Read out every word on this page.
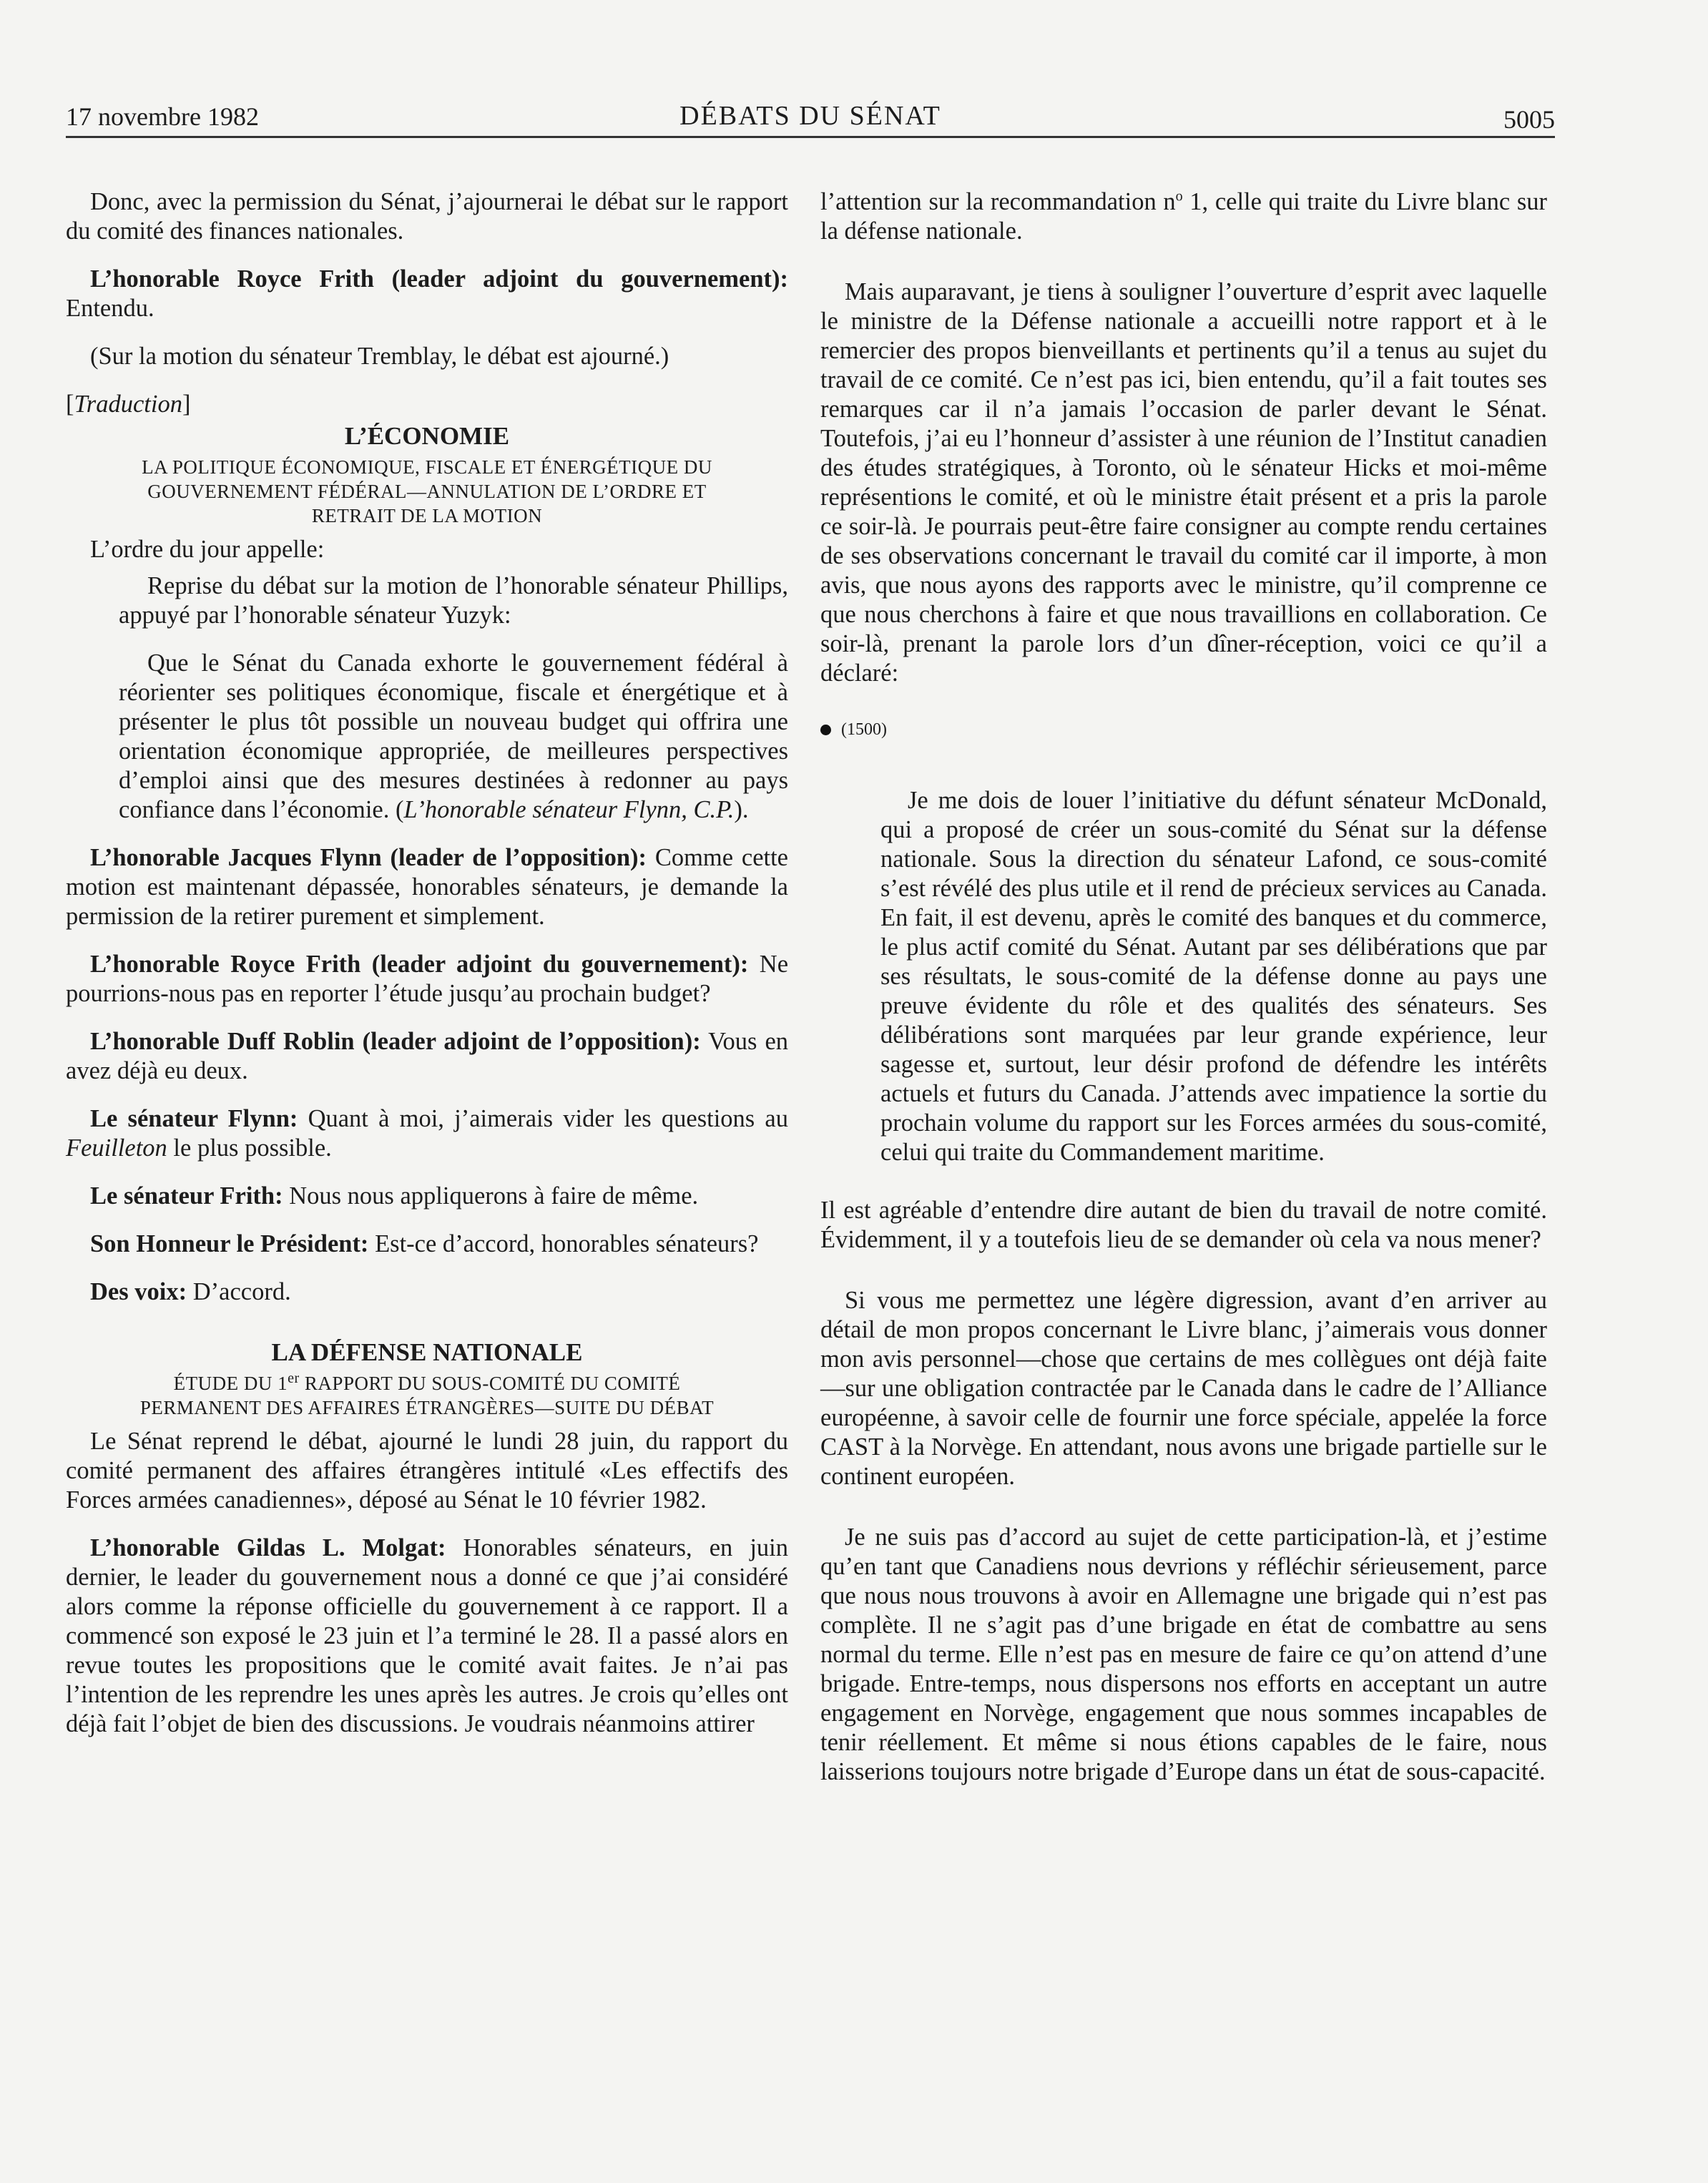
17 novembre 1982	DÉBATS DU SÉNAT	5005

Donc, avec la permission du Sénat, j’ajournerai le débat sur le rapport du comité des finances nationales.

L’honorable Royce Frith (leader adjoint du gouvernement): Entendu.

(Sur la motion du sénateur Tremblay, le débat est ajourné.)

[Traduction]

L’ÉCONOMIE
LA POLITIQUE ÉCONOMIQUE, FISCALE ET ÉNERGÉTIQUE DU
GOUVERNEMENT FÉDÉRAL—ANNULATION DE L’ORDRE ET
RETRAIT DE LA MOTION

L’ordre du jour appelle:

Reprise du débat sur la motion de l’honorable sénateur Phillips, appuyé par l’honorable sénateur Yuzyk:

Que le Sénat du Canada exhorte le gouvernement fédéral à réorienter ses politiques économique, fiscale et énergétique et à présenter le plus tôt possible un nouveau budget qui offrira une orientation économique appropriée, de meilleures perspectives d’emploi ainsi que des mesures destinées à redonner au pays confiance dans l’économie. (L’honorable sénateur Flynn, C.P.).

L’honorable Jacques Flynn (leader de l’opposition): Comme cette motion est maintenant dépassée, honorables sénateurs, je demande la permission de la retirer purement et simplement.

L’honorable Royce Frith (leader adjoint du gouvernement): Ne pourrions-nous pas en reporter l’étude jusqu’au prochain budget?

L’honorable Duff Roblin (leader adjoint de l’opposition): Vous en avez déjà eu deux.

Le sénateur Flynn: Quant à moi, j’aimerais vider les questions au Feuilleton le plus possible.

Le sénateur Frith: Nous nous appliquerons à faire de même.

Son Honneur le Président: Est-ce d’accord, honorables sénateurs?

Des voix: D’accord.

LA DÉFENSE NATIONALE
ÉTUDE DU 1er RAPPORT DU SOUS-COMITÉ DU COMITÉ
PERMANENT DES AFFAIRES ÉTRANGÈRES—SUITE DU DÉBAT

Le Sénat reprend le débat, ajourné le lundi 28 juin, du rapport du comité permanent des affaires étrangères intitulé «Les effectifs des Forces armées canadiennes», déposé au Sénat le 10 février 1982.

L’honorable Gildas L. Molgat: Honorables sénateurs, en juin dernier, le leader du gouvernement nous a donné ce que j’ai considéré alors comme la réponse officielle du gouvernement à ce rapport. Il a commencé son exposé le 23 juin et l’a terminé le 28. Il a passé alors en revue toutes les propositions que le comité avait faites. Je n’ai pas l’intention de les reprendre les unes après les autres. Je crois qu’elles ont déjà fait l’objet de bien des discussions. Je voudrais néanmoins attirer

l’attention sur la recommandation $n^o$ 1, celle qui traite du Livre blanc sur la défense nationale.

Mais auparavant, je tiens à souligner l’ouverture d’esprit avec laquelle le ministre de la Défense nationale a accueilli notre rapport et à le remercier des propos bienveillants et pertinents qu’il a tenus au sujet du travail de ce comité. Ce n’est pas ici, bien entendu, qu’il a fait toutes ses remarques car il n’a jamais l’occasion de parler devant le Sénat. Toutefois, j’ai eu l’honneur d’assister à une réunion de l’Institut canadien des études stratégiques, à Toronto, où le sénateur Hicks et moi-même représentions le comité, et où le ministre était présent et a pris la parole ce soir-là. Je pourrais peut-être faire consigner au compte rendu certaines de ses observations concernant le travail du comité car il importe, à mon avis, que nous ayons des rapports avec le ministre, qu’il comprenne ce que nous cherchons à faire et que nous travaillions en collaboration. Ce soir-là, prenant la parole lors d’un dîner-réception, voici ce qu’il a déclaré:

(1500)

Je me dois de louer l’initiative du défunt sénateur McDonald, qui a proposé de créer un sous-comité du Sénat sur la défense nationale. Sous la direction du sénateur Lafond, ce sous-comité s’est révélé des plus utile et il rend de précieux services au Canada. En fait, il est devenu, après le comité des banques et du commerce, le plus actif comité du Sénat. Autant par ses délibérations que par ses résultats, le sous-comité de la défense donne au pays une preuve évidente du rôle et des qualités des sénateurs. Ses délibérations sont marquées par leur grande expérience, leur sagesse et, surtout, leur désir profond de défendre les intérêts actuels et futurs du Canada. J’attends avec impatience la sortie du prochain volume du rapport sur les Forces armées du sous-comité, celui qui traite du Commandement maritime.

Il est agréable d’entendre dire autant de bien du travail de notre comité. Évidemment, il y a toutefois lieu de se demander où cela va nous mener?

Si vous me permettez une légère digression, avant d’en arriver au détail de mon propos concernant le Livre blanc, j’aimerais vous donner mon avis personnel—chose que certains de mes collègues ont déjà faite—sur une obligation contractée par le Canada dans le cadre de l’Alliance européenne, à savoir celle de fournir une force spéciale, appelée la force CAST à la Norvège. En attendant, nous avons une brigade partielle sur le continent européen.

Je ne suis pas d’accord au sujet de cette participation-là, et j’estime qu’en tant que Canadiens nous devrions y réfléchir sérieusement, parce que nous nous trouvons à avoir en Allemagne une brigade qui n’est pas complète. Il ne s’agit pas d’une brigade en état de combattre au sens normal du terme. Elle n’est pas en mesure de faire ce qu’on attend d’une brigade. Entre-temps, nous dispersons nos efforts en acceptant un autre engagement en Norvège, engagement que nous sommes incapables de tenir réellement. Et même si nous étions capables de le faire, nous laisserions toujours notre brigade d’Europe dans un état de sous-capacité.
